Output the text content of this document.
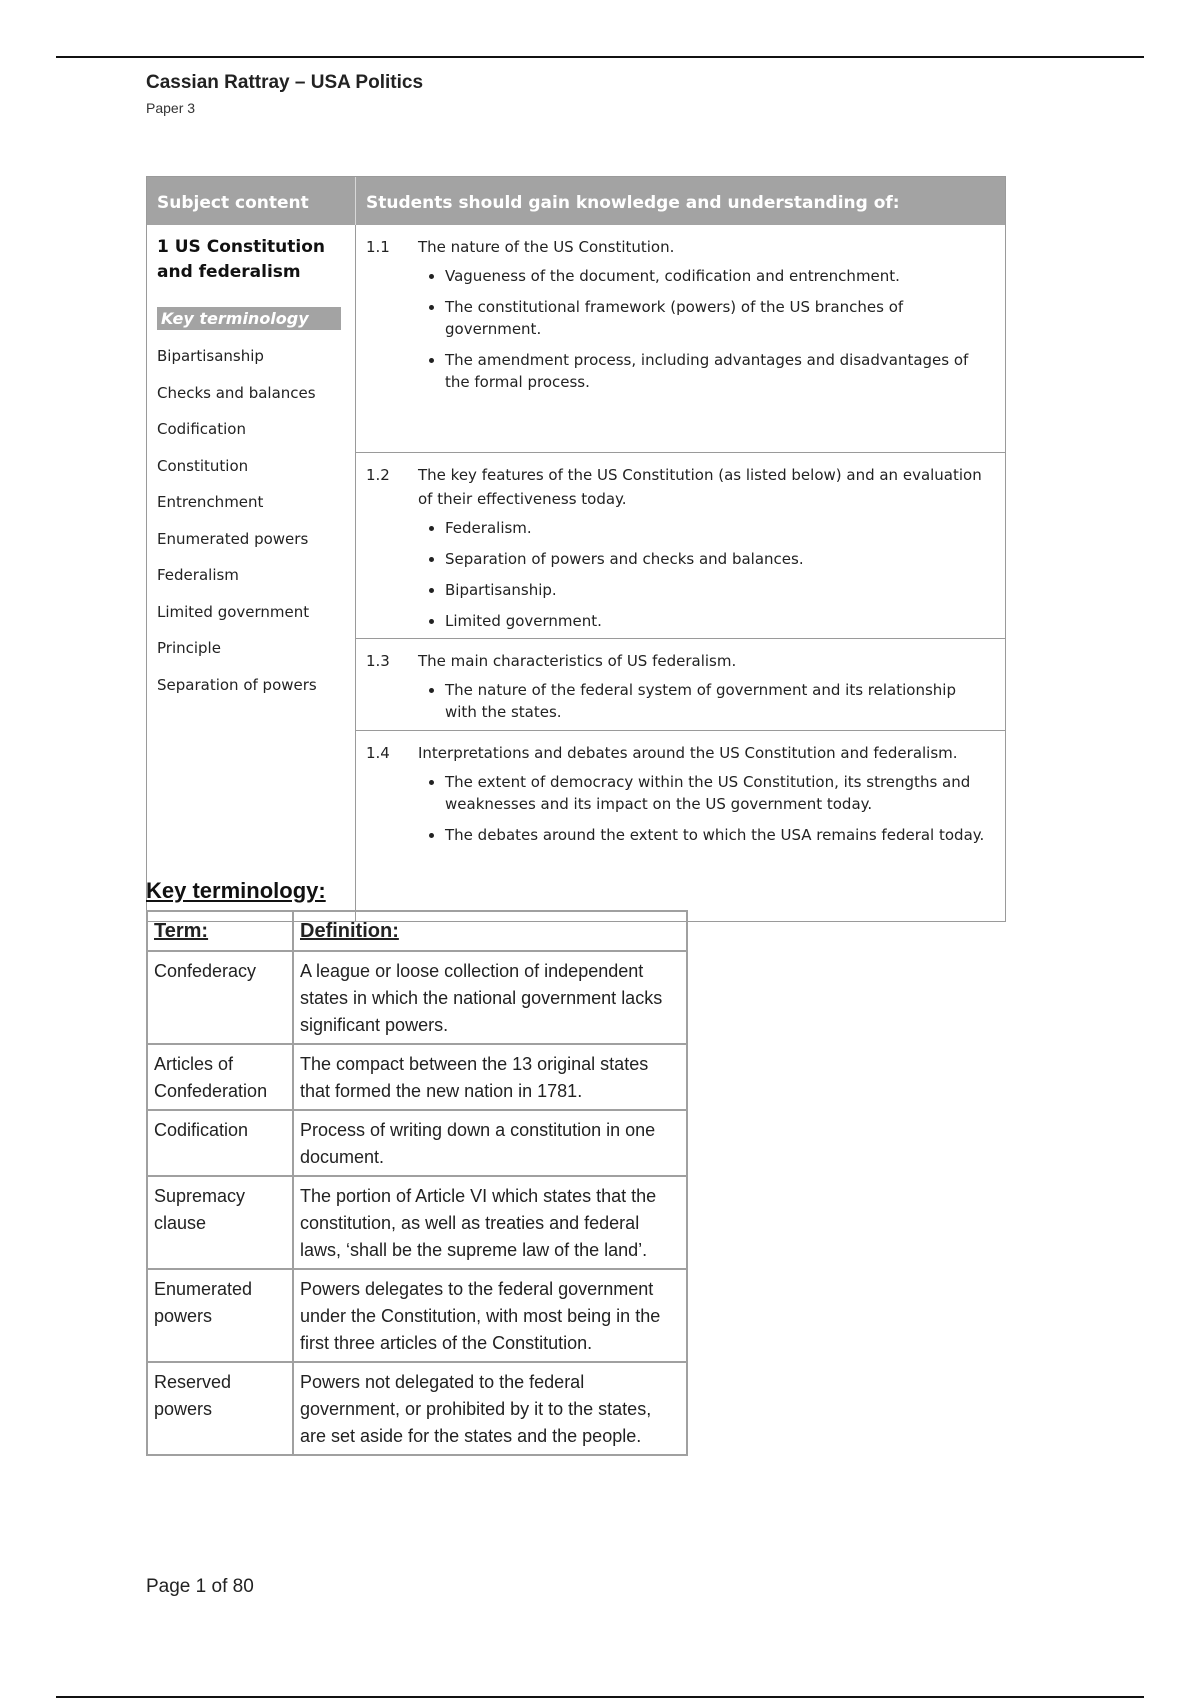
Cassian Rattray – USA Politics
Paper 3
Subject content	Students should gain knowledge and understanding of:
1 US Constitution
and federalism
Key terminology
Bipartisanship
Checks and balances
Codification
Constitution
Entrenchment
Enumerated powers
Federalism
Limited government
Principle
Separation of powers
1.1	The nature of the US Constitution.
• Vagueness of the document, codification and entrenchment.
• The constitutional framework (powers) of the US branches of government.
• The amendment process, including advantages and disadvantages of the formal process.
1.2	The key features of the US Constitution (as listed below) and an evaluation of their effectiveness today.
• Federalism.
• Separation of powers and checks and balances.
• Bipartisanship.
• Limited government.
1.3	The main characteristics of US federalism.
• The nature of the federal system of government and its relationship with the states.
1.4	Interpretations and debates around the US Constitution and federalism.
• The extent of democracy within the US Constitution, its strengths and weaknesses and its impact on the US government today.
• The debates around the extent to which the USA remains federal today.
Key terminology:
Term:	Definition:
Confederacy	A league or loose collection of independent states in which the national government lacks significant powers.
Articles of Confederation	The compact between the 13 original states that formed the new nation in 1781.
Codification	Process of writing down a constitution in one document.
Supremacy clause	The portion of Article VI which states that the constitution, as well as treaties and federal laws, ‘shall be the supreme law of the land’.
Enumerated powers	Powers delegates to the federal government under the Constitution, with most being in the first three articles of the Constitution.
Reserved powers	Powers not delegated to the federal government, or prohibited by it to the states, are set aside for the states and the people.
Page 1 of 80
